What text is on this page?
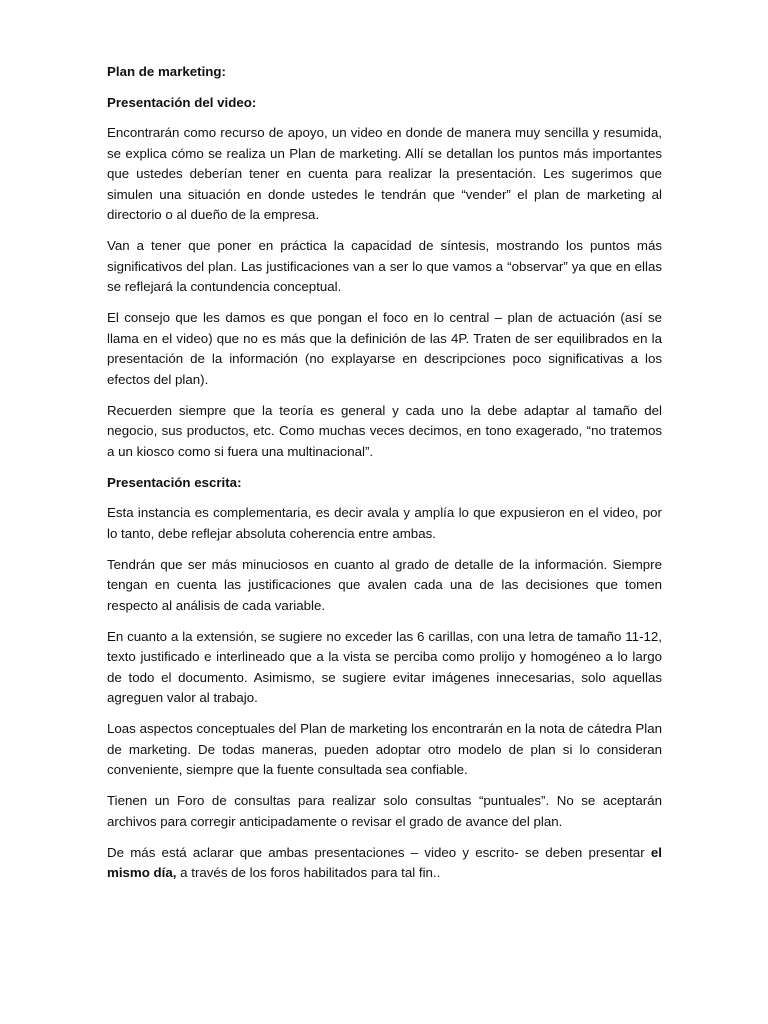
Plan de marketing:

Presentación del video:

Encontrarán como recurso de apoyo, un video en donde de manera muy sencilla y resumida, se explica cómo se realiza un Plan de marketing. Allí se detallan los puntos más importantes que ustedes deberían tener en cuenta para realizar la presentación. Les sugerimos que simulen una situación en donde ustedes le tendrán que “vender” el plan de marketing al directorio o al dueño de la empresa.

Van a tener que poner en práctica la capacidad de síntesis, mostrando los puntos más significativos del plan. Las justificaciones van a ser lo que vamos a “observar” ya que en ellas se reflejará la contundencia conceptual.

El consejo que les damos es que pongan el foco en lo central – plan de actuación (así se llama en el video) que no es más que la definición de las 4P. Traten de ser equilibrados en la presentación de la información (no explayarse en descripciones poco significativas a los efectos del plan).

Recuerden siempre que la teoría es general y cada uno la debe adaptar al tamaño del negocio, sus productos, etc. Como muchas veces decimos, en tono exagerado, “no tratemos a un kiosco como si fuera una multinacional”.

Presentación escrita:

Esta instancia es complementaria, es decir avala y amplía lo que expusieron en el video, por lo tanto, debe reflejar absoluta coherencia entre ambas.

Tendrán que ser más minuciosos en cuanto al grado de detalle de la información. Siempre tengan en cuenta las justificaciones que avalen cada una de las decisiones que tomen respecto al análisis de cada variable.

En cuanto a la extensión, se sugiere no exceder las 6 carillas, con una letra de tamaño 11-12, texto justificado e interlineado que a la vista se perciba como prolijo y homogéneo a lo largo de todo el documento. Asimismo, se sugiere evitar imágenes innecesarias, solo aquellas agreguen valor al trabajo.

Loas aspectos conceptuales del Plan de marketing los encontrarán en la nota de cátedra Plan de marketing. De todas maneras, pueden adoptar otro modelo de plan si lo consideran conveniente, siempre que la fuente consultada sea confiable.

Tienen un Foro de consultas para realizar solo consultas “puntuales”. No se aceptarán archivos para corregir anticipadamente o revisar el grado de avance del plan.

De más está aclarar que ambas presentaciones – video y escrito- se deben presentar el mismo día, a través de los foros habilitados para tal fin..
